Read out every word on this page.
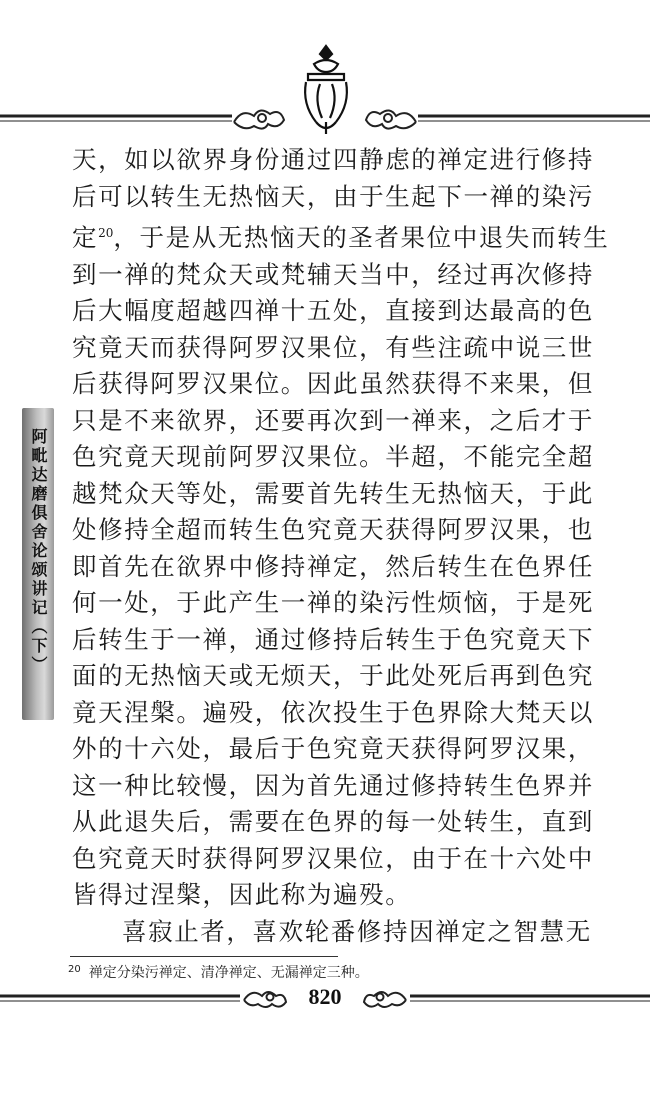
阿毗达磨俱舍论颂讲记（下）

天，如以欲界身份通过四静虑的禅定进行修持后可以转生无热恼天，由于生起下一禅的染污定$^{20}$，于是从无热恼天的圣者果位中退失而转生到一禅的梵众天或梵辅天当中，经过再次修持后大幅度超越四禅十五处，直接到达最高的色究竟天而获得阿罗汉果位，有些注疏中说三世后获得阿罗汉果位。因此虽然获得不来果，但只是不来欲界，还要再次到一禅来，之后才于色究竟天现前阿罗汉果位。半超，不能完全超越梵众天等处，需要首先转生无热恼天，于此处修持全超而转生色究竟天获得阿罗汉果，也即首先在欲界中修持禅定，然后转生在色界任何一处，于此产生一禅的染污性烦恼，于是死后转生于一禅，通过修持后转生于色究竟天下面的无热恼天或无烦天，于此处死后再到色究竟天涅槃。遍殁，依次投生于色界除大梵天以外的十六处，最后于色究竟天获得阿罗汉果，这一种比较慢，因为首先通过修持转生色界并从此退失后，需要在色界的每一处转生，直到色究竟天时获得阿罗汉果位，由于在十六处中皆得过涅槃，因此称为遍殁。

喜寂止者，喜欢轮番修持因禅定之智慧无

$^{20}$ 禅定分染污禅定、清净禅定、无漏禅定三种。
820
